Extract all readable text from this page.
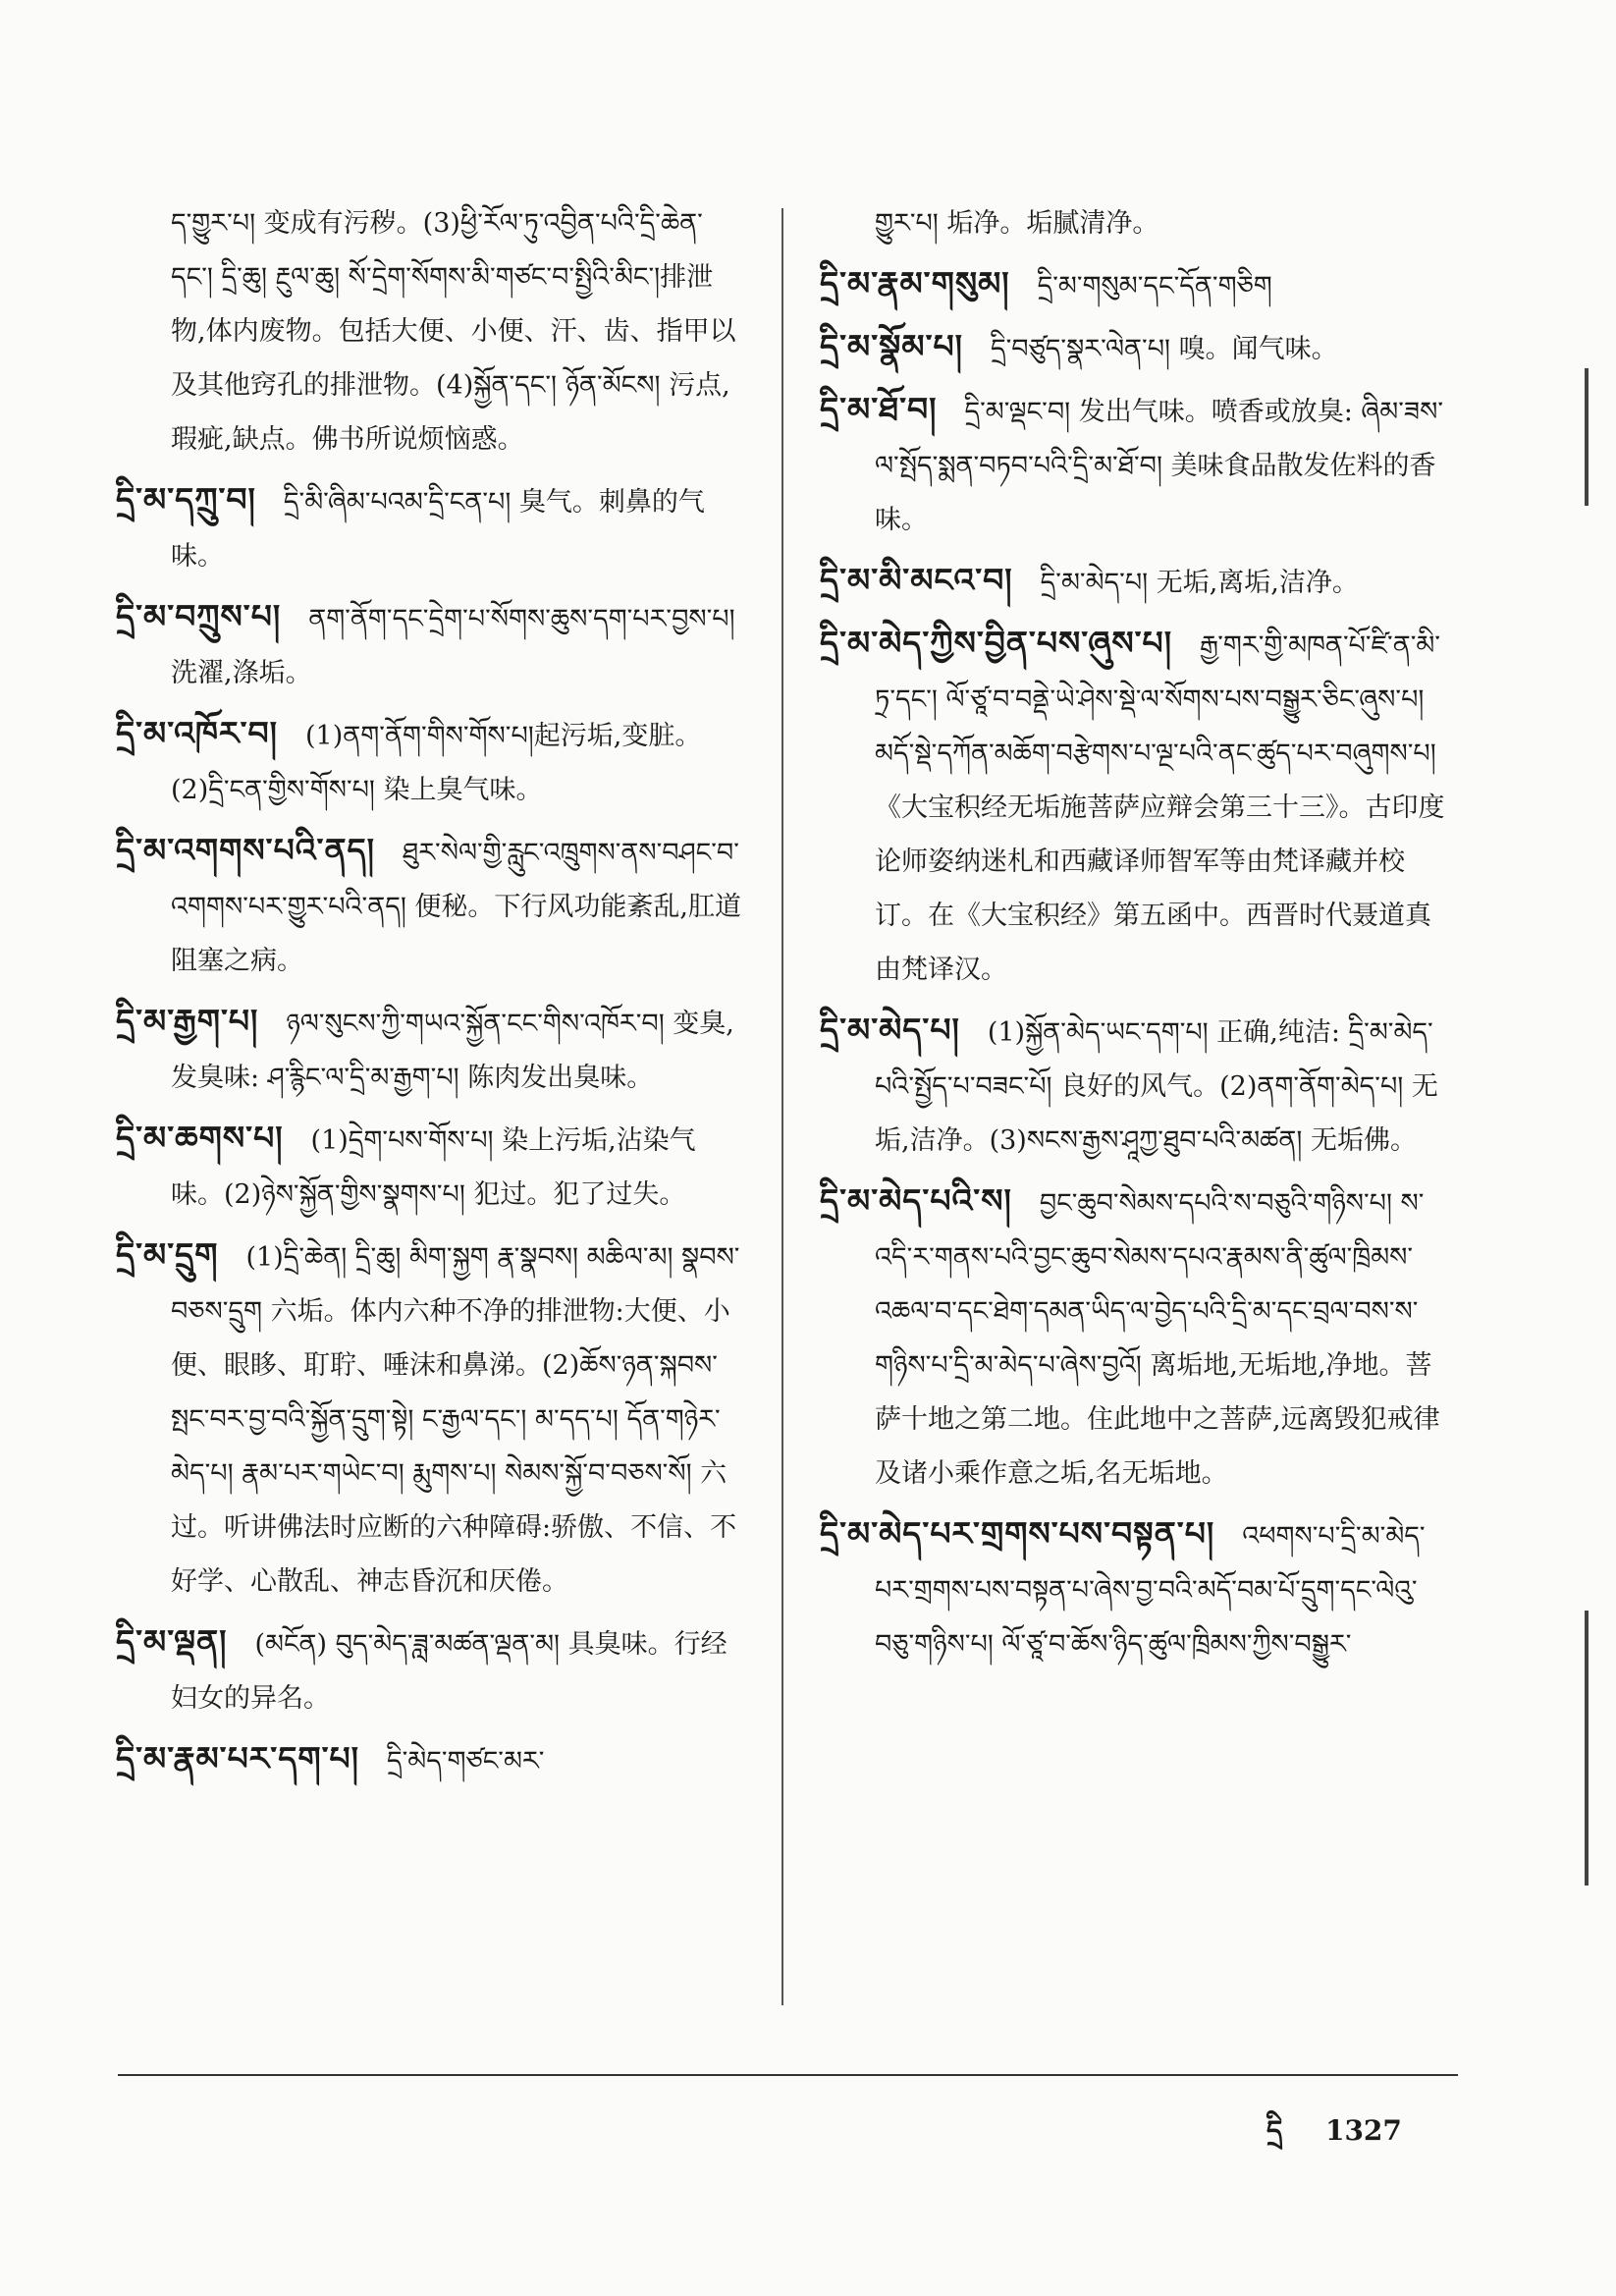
ད་གྱུར་པ། 变成有污秽。(3)ཕྱི་རོལ་ཏུ་འབྱིན་པའི་དྲི་ཆེན་དང་། དྲི་ཆུ། རྔུལ་ཆུ། སོ་དྲེག་སོགས་མི་གཙང་བ་སྤྱིའི་མིང་།排泄物,体内废物。包括大便、小便、汗、齿、指甲以及其他窍孔的排泄物。(4)སྐྱོན་དང་། ཉོན་མོངས། 污点,瑕疵,缺点。佛书所说烦恼惑。

དྲི་མ་དཀྲུ་བ། དྲི་མི་ཞིམ་པའམ་དྲི་ངན་པ། 臭气。刺鼻的气味。

དྲི་མ་བཀྲུས་པ། ནག་ནོག་དང་དྲེག་པ་སོགས་ཆུས་དག་པར་བྱས་པ། 洗濯,涤垢。

དྲི་མ་འཁོར་བ། (1)ནག་ནོག་གིས་གོས་པ།起污垢,变脏。(2)དྲི་ངན་གྱིས་གོས་པ། 染上臭气味。

དྲི་མ་འགགས་པའི་ནད། ཐུར་སེལ་གྱི་རླུང་འཁྲུགས་ནས་བཤང་བ་འགགས་པར་གྱུར་པའི་ནད། 便秘。下行风功能紊乱,肛道阻塞之病。

དྲི་མ་རྒྱག་པ། ཉལ་སུངས་ཀྱི་གཡའ་སྐྱོན་ངང་གིས་འཁོར་བ། 变臭,发臭味: ཤ་རྙིང་ལ་དྲི་མ་རྒྱག་པ། 陈肉发出臭味。

དྲི་མ་ཆགས་པ། (1)དྲེག་པས་གོས་པ། 染上污垢,沾染气味。(2)ཉེས་སྐྱོན་གྱིས་སྣགས་པ། 犯过。犯了过失。

དྲི་མ་དྲུག (1)དྲི་ཆེན། དྲི་ཆུ། མིག་སྐྱག རྣ་སྣབས། མཆིལ་མ། སྣབས་བཅས་དྲུག 六垢。体内六种不净的排泄物:大便、小便、眼眵、耵聍、唾沫和鼻涕。(2)ཆོས་ཉན་སྐབས་སྤང་བར་བྱ་བའི་སྐྱོན་དྲུག་སྟེ། ང་རྒྱལ་དང་། མ་དད་པ། དོན་གཉེར་མེད་པ། རྣམ་པར་གཡེང་བ། རྨུགས་པ། སེམས་སྐྱོ་བ་བཅས་སོ། 六过。听讲佛法时应断的六种障碍:骄傲、不信、不好学、心散乱、神志昏沉和厌倦。

དྲི་མ་ལྡན། (མངོན) བུད་མེད་ཟླ་མཚན་ལྡན་མ། 具臭味。行经妇女的异名。

དྲི་མ་རྣམ་པར་དག་པ། དྲི་མེད་གཙང་མར་

གྱུར་པ། 垢净。垢腻清净。

དྲི་མ་རྣམ་གསུམ། དྲི་མ་གསུམ་དང་དོན་གཅིག

དྲི་མ་སྣོམ་པ། དྲི་བཙུད་སྣར་ལེན་པ། 嗅。闻气味。

དྲི་མ་ཐོ་བ། དྲི་མ་ལྡང་བ། 发出气味。喷香或放臭: ཞིམ་ཟས་ལ་སྤོད་སྨན་བཏབ་པའི་དྲི་མ་ཐོ་བ། 美味食品散发佐料的香味。

དྲི་མ་མི་མངའ་བ། དྲི་མ་མེད་པ། 无垢,离垢,洁净。

དྲི་མ་མེད་ཀྱིས་བྱིན་པས་ཞུས་པ། རྒྱ་གར་གྱི་མཁན་པོ་ཛི་ན་མི་ཏྲ་དང་། ལོ་ཙཱ་བ་བནྡེ་ཡེ་ཤེས་སྡེ་ལ་སོགས་པས་བསྒྱུར་ཅིང་ཞུས་པ། མདོ་སྡེ་དཀོན་མཆོག་བརྩེགས་པ་ལྔ་པའི་ནང་ཚུད་པར་བཞུགས་པ། 《大宝积经无垢施菩萨应辩会第三十三》。古印度论师姿纳迷札和西藏译师智军等由梵译藏并校订。在《大宝积经》第五函中。西晋时代聂道真由梵译汉。

དྲི་མ་མེད་པ། (1)སྐྱོན་མེད་ཡང་དག་པ། 正确,纯洁: དྲི་མ་མེད་པའི་སྤྱོད་པ་བཟང་པོ། 良好的风气。(2)ནག་ནོག་མེད་པ། 无垢,洁净。(3)སངས་རྒྱས་ཤཱཀྱ་ཐུབ་པའི་མཚན། 无垢佛。

དྲི་མ་མེད་པའི་ས། བྱང་ཆུབ་སེམས་དཔའི་ས་བཅུའི་གཉིས་པ། ས་འདི་ར་གནས་པའི་བྱང་ཆུབ་སེམས་དཔའ་རྣམས་ནི་ཚུལ་ཁྲིམས་འཆལ་བ་དང་ཐེག་དམན་ཡིད་ལ་བྱེད་པའི་དྲི་མ་དང་བྲལ་བས་ས་གཉིས་པ་དྲི་མ་མེད་པ་ཞེས་བྱའོ། 离垢地,无垢地,净地。菩萨十地之第二地。住此地中之菩萨,远离毁犯戒律及诸小乘作意之垢,名无垢地。

དྲི་མ་མེད་པར་གྲགས་པས་བསྟན་པ། འཕགས་པ་དྲི་མ་མེད་པར་གྲགས་པས་བསྟན་པ་ཞེས་བྱ་བའི་མདོ་བམ་པོ་དྲུག་དང་ལེའུ་བཅུ་གཉིས་པ། ལོ་ཙཱ་བ་ཆོས་ཉིད་ཚུལ་ཁྲིམས་ཀྱིས་བསྒྱུར་

དྲི 1327
